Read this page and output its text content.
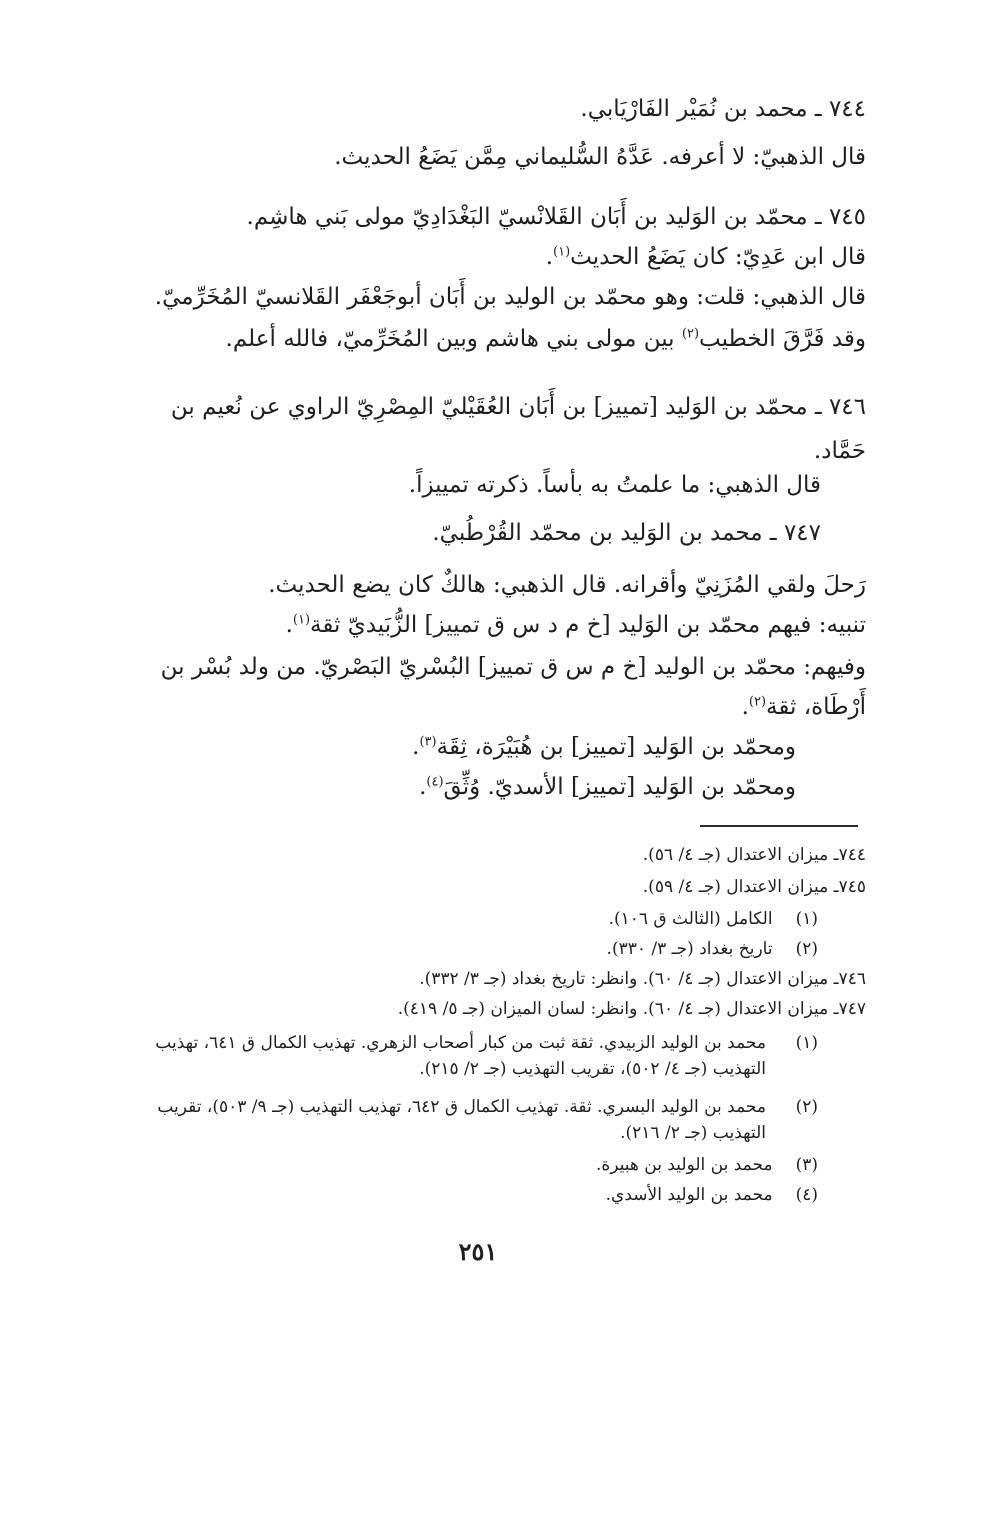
٧٤٤ ـ محمد بن نُمَيْر الفَارْيَابي.
قال الذهبيّ: لا أعرفه. عَدَّهُ السُّليماني مِمَّن يَضَعُ الحديث.
٧٤٥ ـ محمّد بن الوَليد بن أَبَان القَلانْسيّ البَغْدَادِيّ مولى بَني هاشِم.
قال ابن عَدِيّ: كان يَضَعُ الحديث$^{(١)}$.
قال الذهبي: قلت: وهو محمّد بن الوليد بن أَبَان أبوجَعْفَر القَلانسيّ المُخَرِّميّ.
وقد فَرَّقَ الخطيب$^{(٢)}$ بين مولى بني هاشم وبين المُخَرِّميّ، فالله أعلم.
٧٤٦ ـ محمّد بن الوَليد [تمييز] بن أَبَان العُقَيْليّ المِصْرِيّ الراوي عن نُعيم بن
حَمَّاد.
قال الذهبي: ما علمتُ به بأساً. ذكرته تمييزاً.
٧٤٧ ـ محمد بن الوَليد بن محمّد القُرْطُبيّ.
رَحلَ ولقي المُزَنِيّ وأقرانه. قال الذهبي: هالكٌ كان يضع الحديث.
تنبيه: فيهم محمّد بن الوَليد [خ م د س ق تمييز] الزُّبَيديّ ثقة$^{(١)}$.
وفيهم: محمّد بن الوليد [خ م س ق تمييز] البُسْريّ البَصْريّ. من ولد بُسْر بن
أَرْطَاة، ثقة$^{(٢)}$.
ومحمّد بن الوَليد [تمييز] بن هُبَيْرَة، ثِقَة$^{(٣)}$.
ومحمّد بن الوَليد [تمييز] الأسديّ. وُثِّقَ$^{(٤)}$.
٧٤٤ـ ميزان الاعتدال (جـ ٤/ ٥٦).
٧٤٥ـ ميزان الاعتدال (جـ ٤/ ٥٩).
(١) الكامل (الثالث ق ١٠٦).
(٢) تاريخ بغداد (جـ ٣/ ٣٣٠).
٧٤٦ـ ميزان الاعتدال (جـ ٤/ ٦٠). وانظر: تاريخ بغداد (جـ ٣/ ٣٣٢).
٧٤٧ـ ميزان الاعتدال (جـ ٤/ ٦٠). وانظر: لسان الميزان (جـ ٥/ ٤١٩).
(١)
محمد بن الوليد الزبيدي. ثقة ثبت من كبار أصحاب الزهري. تهذيب الكمال ق ٦٤١، تهذيب
التهذيب (جـ ٤/ ٥٠٢)، تقريب التهذيب (جـ ٢/ ٢١٥).
(٢)
محمد بن الوليد البسري. ثقة. تهذيب الكمال ق ٦٤٢، تهذيب التهذيب (جـ ٩/ ٥٠٣)، تقريب
التهذيب (جـ ٢/ ٢١٦).
(٣) محمد بن الوليد بن هبيرة.
(٤) محمد بن الوليد الأسدي.
٢٥١
